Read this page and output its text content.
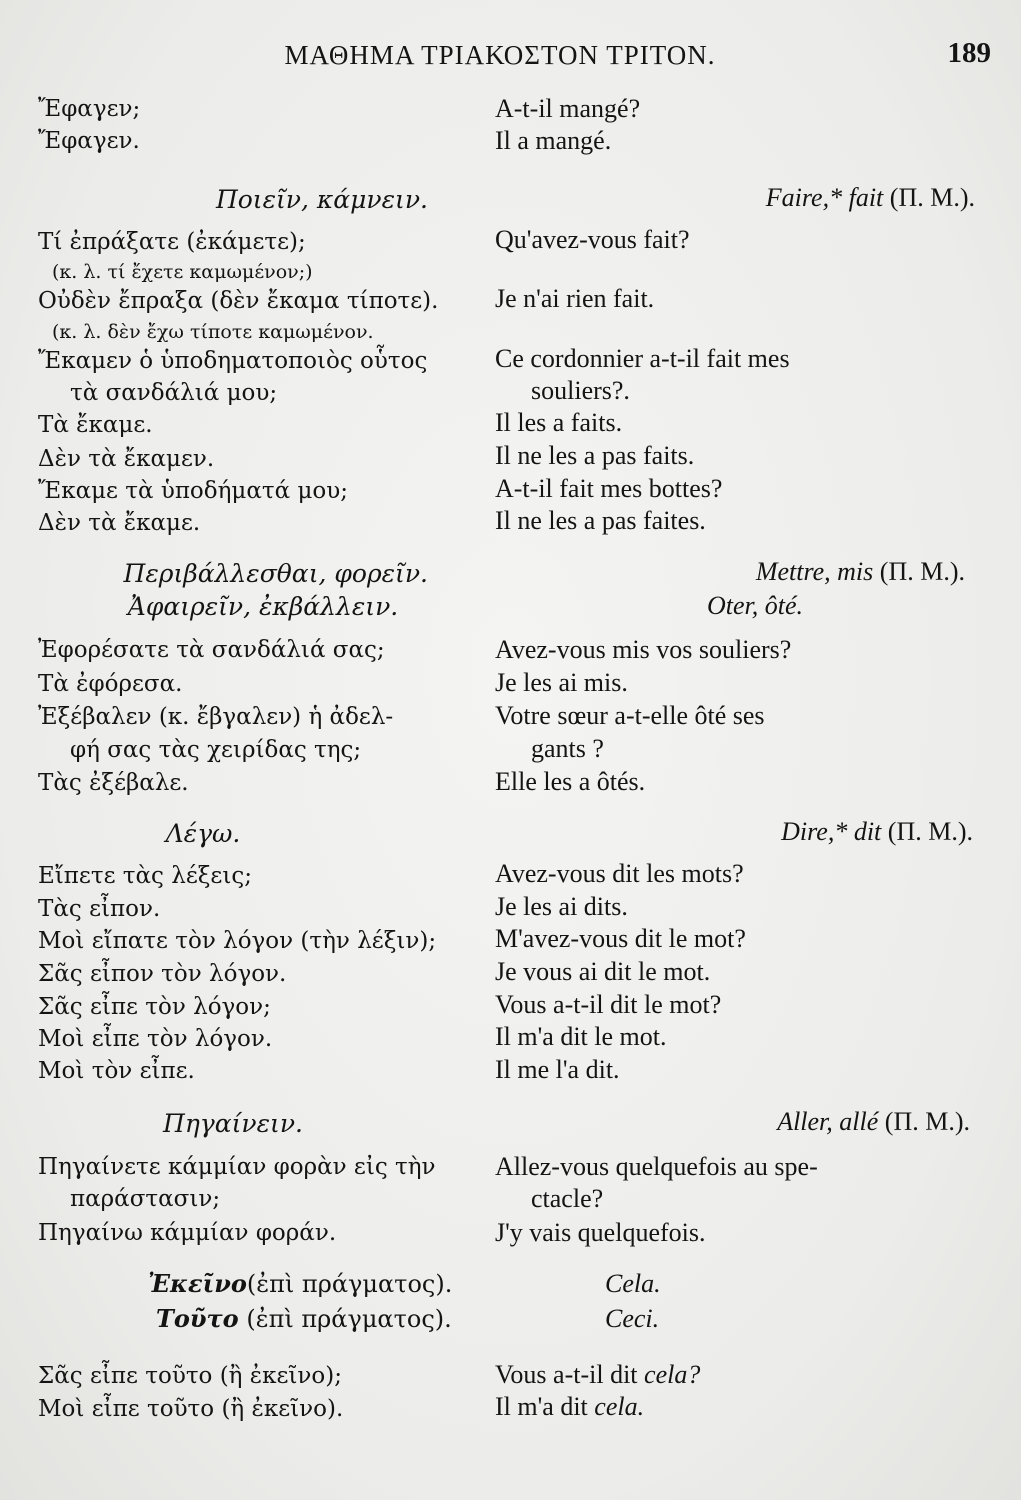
ΜΑΘΗΜΑ ΤΡΙΑΚΟΣΤΟΝ ΤΡΙΤΟΝ.	189
Ἔφαγεν;
Ἔφαγεν.
Ποιεῖν, κάμνειν.
Τί ἐπράξατε (ἐκάμετε);
(κ. λ. τί ἔχετε καμωμένον;)
Οὐδὲν ἔπραξα (δὲν ἔκαμα τίποτε).
(κ. λ. δὲν ἔχω τίποτε καμωμένον.
Ἔκαμεν ὁ ὑποδηματοποιὸς οὗτος
τὰ σανδάλιά μου;
Τὰ ἔκαμε.
Δὲν τὰ ἔκαμεν.
Ἔκαμε τὰ ὑποδήματά μου;
Δὲν τὰ ἔκαμε.
Περιβάλλεσθαι, φορεῖν.
Ἀφαιρεῖν, ἐκβάλλειν.
Ἐφορέσατε τὰ σανδάλιά σας;
Τὰ ἐφόρεσα.
Ἐξέβαλεν (κ. ἔβγαλεν) ἡ ἀδελ-
φή σας τὰς χειρίδας της;
Τὰς ἐξέβαλε.
Λέγω.
Εἴπετε τὰς λέξεις;
Τὰς εἶπον.
Μοὶ εἴπατε τὸν λόγον (τὴν λέξιν);
Σᾶς εἶπον τὸν λόγον.
Σᾶς εἶπε τὸν λόγον;
Μοὶ εἶπε τὸν λόγον.
Μοὶ τὸν εἶπε.
Πηγαίνειν.
Πηγαίνετε κάμμίαν φορὰν εἰς τὴν
παράστασιν;
Πηγαίνω κάμμίαν φοράν.
Ἐκεῖνο(ἐπὶ πράγματος).
Τοῦτο (ἐπὶ πράγματος).
Σᾶς εἶπε τοῦτο (ἢ ἐκεῖνο);
Μοὶ εἶπε τοῦτο (ἢ ἐκεῖνο).
A-t-il mangé?
Il a mangé.
Faire,* fait (Π. Μ.).
Qu'avez-vous fait?
Je n'ai rien fait.
Ce cordonnier a-t-il fait mes
souliers?.
Il les a faits.
Il ne les a pas faits.
A-t-il fait mes bottes?
Il ne les a pas faites.
Mettre, mis (Π. Μ.).
Oter, ôté.
Avez-vous mis vos souliers?
Je les ai mis.
Votre sœur a-t-elle ôté ses
gants ?
Elle les a ôtés.
Dire,* dit (Π. Μ.).
Avez-vous dit les mots?
Je les ai dits.
M'avez-vous dit le mot?
Je vous ai dit le mot.
Vous a-t-il dit le mot?
Il m'a dit le mot.
Il me l'a dit.
Aller, allé (Π. Μ.).
Allez-vous quelquefois au spe-
ctacle?
J'y vais quelquefois.
Cela.
Ceci.
Vous a-t-il dit cela?
Il m'a dit cela.
